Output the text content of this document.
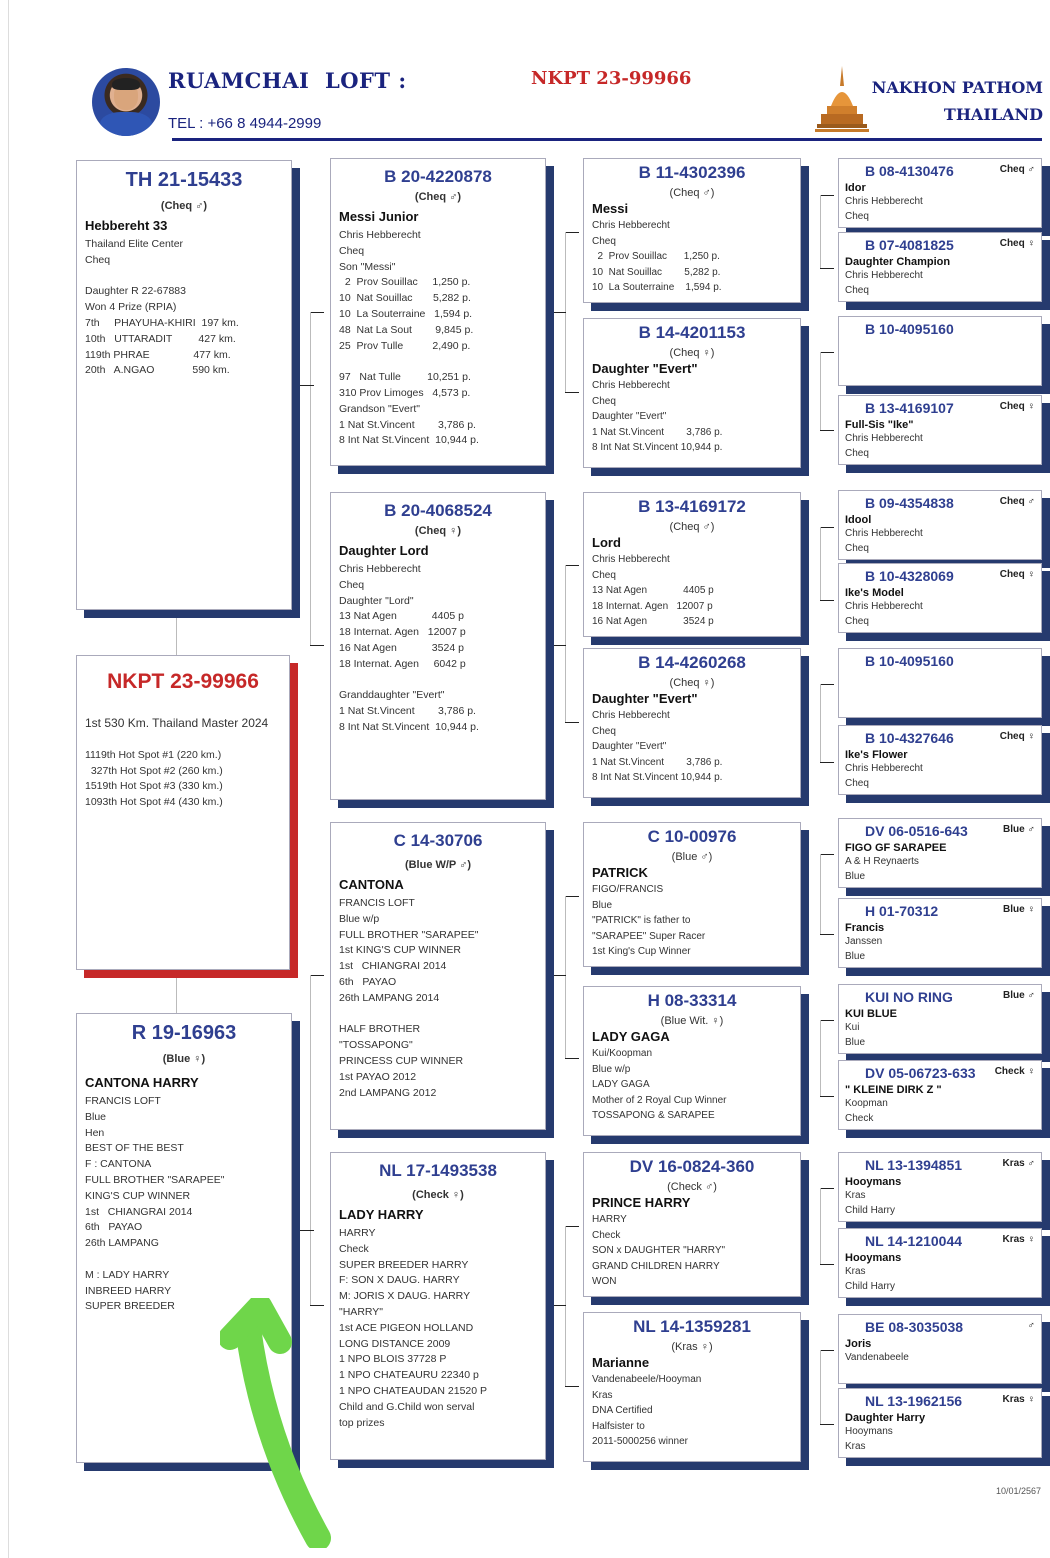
RUAMCHAI  LOFT :
TEL : +66 8 4944-2999
NKPT 23-99966	NAKHON PATHOM
THAILAND
TH 21-15433
(Cheq ♂)
Hebbereht 33
Thailand Elite Center
Cheq

Daughter R 22-67883
Won 4 Prize (RPIA)
7th     PHAYUHA-KHIRI  197 km.
10th   UTTARADIT         427 km.
119th PHRAE               477 km.
20th   A.NGAO             590 km.
NKPT 23-99966
1st 530 Km. Thailand Master 2024
1119th Hot Spot #1 (220 km.)
327th Hot Spot #2 (260 km.)
1519th Hot Spot #3 (330 km.)
1093th Hot Spot #4 (430 km.)
R 19-16963
(Blue ♀)
CANTONA HARRY
FRANCIS LOFT
Blue
Hen
BEST OF THE BEST
F : CANTONA
FULL BROTHER "SARAPEE"
KING'S CUP WINNER
1st   CHIANGRAI 2014
6th   PAYAO
26th LAMPANG

M : LADY HARRY
INBREED HARRY
SUPER BREEDER
B 20-4220878
(Cheq ♂)
Messi Junior
Chris Hebberecht
Cheq
Son "Messi"
2  Prov Souillac     1,250 p.
10  Nat Souillac       5,282 p.
10  La Souterraine   1,594 p.
48  Nat La Sout        9,845 p.
25  Prov Tulle          2,490 p.

97   Nat Tulle         10,251 p.
310 Prov Limoges   4,573 p.
Grandson "Evert"
1 Nat St.Vincent        3,786 p.
8 Int Nat St.Vincent  10,944 p.
B 20-4068524
(Cheq ♀)
Daughter Lord
Chris Hebberecht
Cheq
Daughter "Lord"
13 Nat Agen            4405 p
18 Internat. Agen   12007 p
16 Nat Agen            3524 p
18 Internat. Agen     6042 p

Granddaughter "Evert"
1 Nat St.Vincent        3,786 p.
8 Int Nat St.Vincent  10,944 p.
C 14-30706
(Blue W/P ♂)
CANTONA
FRANCIS LOFT
Blue w/p
FULL BROTHER "SARAPEE"
1st KING'S CUP WINNER
1st   CHIANGRAI 2014
6th   PAYAO
26th LAMPANG 2014

HALF BROTHER
"TOSSAPONG"
PRINCESS CUP WINNER
1st PAYAO 2012
2nd LAMPANG 2012
NL 17-1493538
(Check ♀)
LADY HARRY
HARRY
Check
SUPER BREEDER HARRY
F: SON X DAUG. HARRY
M: JORIS X DAUG. HARRY
"HARRY"
1st ACE PIGEON HOLLAND
LONG DISTANCE 2009
1 NPO BLOIS 37728 P
1 NPO CHATEAURU 22340 p
1 NPO CHATEAUDAN 21520 P
Child and G.Child won serval
top prizes
B 11-4302396
(Cheq ♂)
Messi
Chris Hebberecht
Cheq
2  Prov Souillac      1,250 p.
10  Nat Souillac        5,282 p.
10  La Souterraine    1,594 p.
B 14-4201153
(Cheq ♀)
Daughter "Evert"
Chris Hebberecht
Cheq
Daughter "Evert"
1 Nat St.Vincent        3,786 p.
8 Int Nat St.Vincent 10,944 p.
B 13-4169172
(Cheq ♂)
Lord
Chris Hebberecht
Cheq
13 Nat Agen             4405 p
18 Internat. Agen   12007 p
16 Nat Agen             3524 p
B 14-4260268
(Cheq ♀)
Daughter "Evert"
Chris Hebberecht
Cheq
Daughter "Evert"
1 Nat St.Vincent        3,786 p.
8 Int Nat St.Vincent 10,944 p.
C 10-00976
(Blue ♂)
PATRICK
FIGO/FRANCIS
Blue
"PATRICK" is father to
"SARAPEE" Super Racer
1st King's Cup Winner
H 08-33314
(Blue Wit. ♀)
LADY GAGA
Kui/Koopman
Blue w/p
LADY GAGA
Mother of 2 Royal Cup Winner
TOSSAPONG & SARAPEE
DV 16-0824-360
(Check ♂)
PRINCE HARRY
HARRY
Check
SON x DAUGHTER "HARRY"
GRAND CHILDREN HARRY
WON
NL 14-1359281
(Kras ♀)
Marianne
Vandenabeele/Hooyman
Kras
DNA Certified
Halfsister to
2011-5000256 winner
B 08-4130476	Cheq ♂
Idor
Chris Hebberecht
Cheq
B 07-4081825	Cheq ♀
Daughter Champion
Chris Hebberecht
Cheq
B 10-4095160
B 13-4169107	Cheq ♀
Full-Sis "Ike"
Chris Hebberecht
Cheq
B 09-4354838	Cheq ♂
Idool
Chris Hebberecht
Cheq
B 10-4328069	Cheq ♀
Ike's Model
Chris Hebberecht
Cheq
B 10-4095160
B 10-4327646	Cheq ♀
Ike's Flower
Chris Hebberecht
Cheq
DV 06-0516-643	Blue ♂
FIGO GF SARAPEE
A & H Reynaerts
Blue
H 01-70312	Blue ♀
Francis
Janssen
Blue
KUI NO RING	Blue ♂
KUI BLUE
Kui
Blue
DV 05-06723-633	Check ♀
" KLEINE DIRK Z "
Koopman
Check
NL 13-1394851	Kras ♂
Hooymans
Kras
Child Harry
NL 14-1210044	Kras ♀
Hooymans
Kras
Child Harry
BE 08-3035038	♂
Joris
Vandenabeele
NL 13-1962156	Kras ♀
Daughter Harry
Hooymans
Kras
10/01/2567
